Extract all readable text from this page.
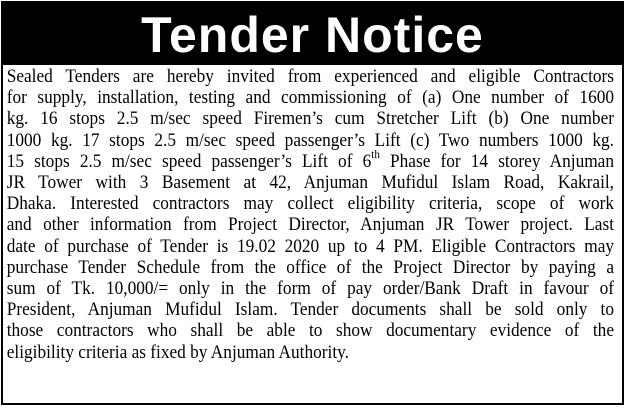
Tender Notice
Sealed Tenders are hereby invited from experienced and eligible Contractors
for supply, installation, testing and commissioning of (a) One number of 1600
kg. 16 stops 2.5 m/sec speed Firemen’s cum Stretcher Lift (b) One number
1000 kg. 17 stops 2.5 m/sec speed passenger’s Lift (c) Two numbers 1000 kg.
15 stops 2.5 m/sec speed passenger’s Lift of 6th Phase for 14 storey Anjuman
JR Tower with 3 Basement at 42, Anjuman Mufidul Islam Road, Kakrail,
Dhaka. Interested contractors may collect eligibility criteria, scope of work
and other information from Project Director, Anjuman JR Tower project. Last
date of purchase of Tender is 19.02 2020 up to 4 PM. Eligible Contractors may
purchase Tender Schedule from the office of the Project Director by paying a
sum of Tk. 10,000/= only in the form of pay order/Bank Draft in favour of
President, Anjuman Mufidul Islam. Tender documents shall be sold only to
those contractors who shall be able to show documentary evidence of the
eligibility criteria as fixed by Anjuman Authority.
